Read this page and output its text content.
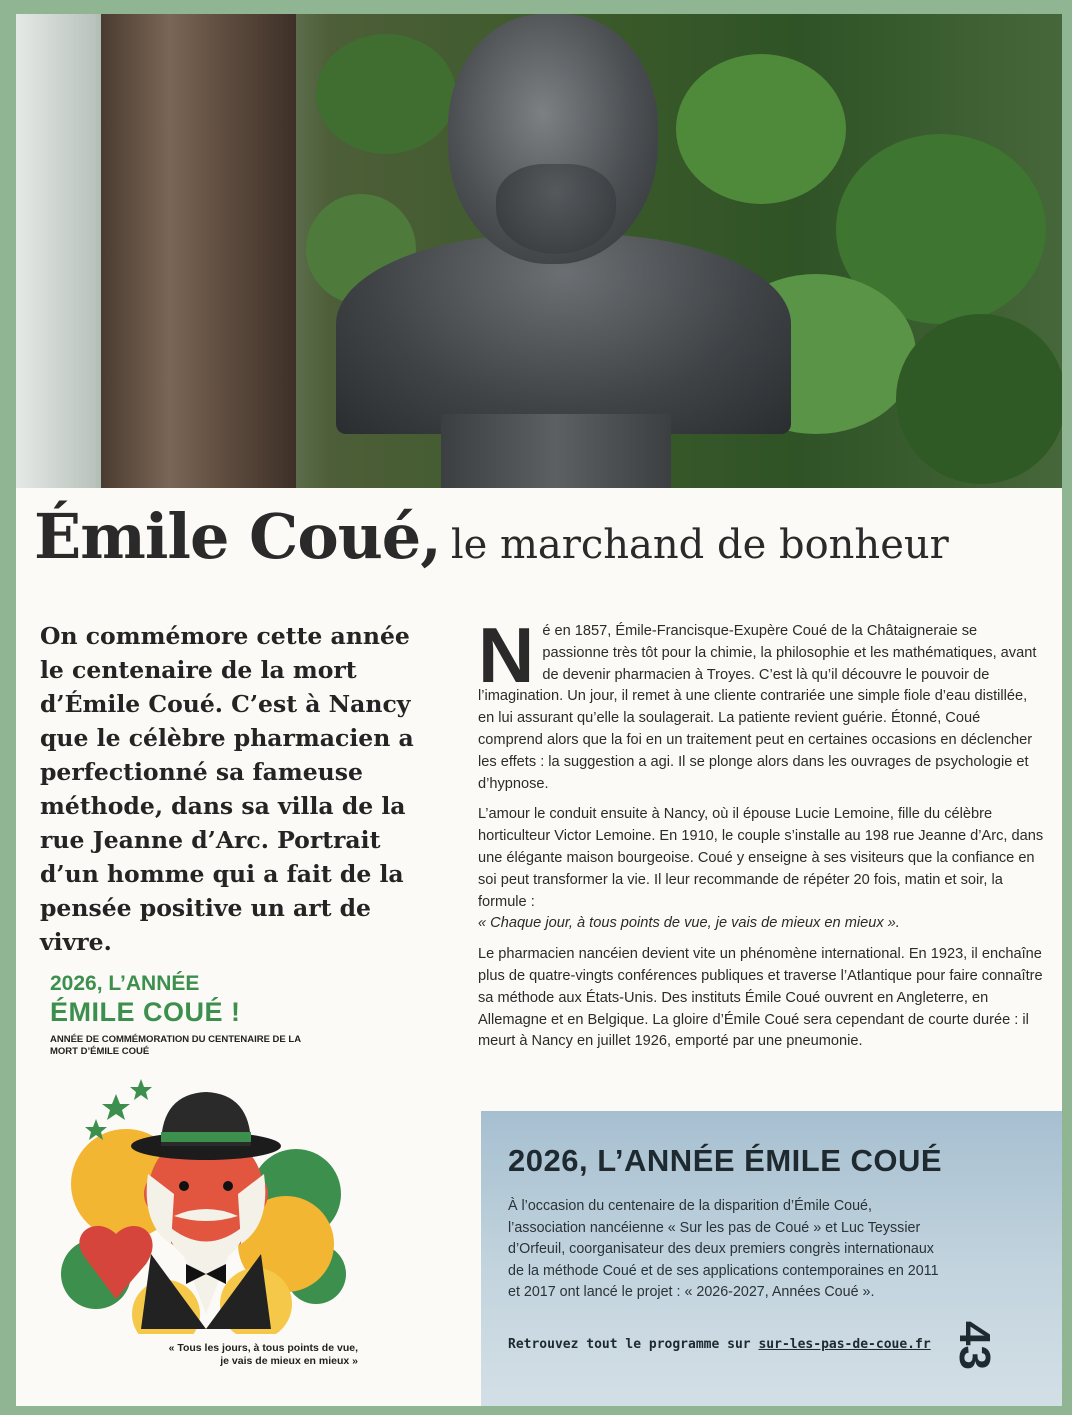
Émile Coué, le marchand de bonheur
On commémore cette année le centenaire de la mort d’Émile Coué. C’est à Nancy que le célèbre pharmacien a perfectionné sa fameuse méthode, dans sa villa de la rue Jeanne d’Arc. Portrait d’un homme qui a fait de la pensée positive un art de vivre.
2026, L’ANNÉE
ÉMILE COUÉ !
ANNÉE DE COMMÉMORATION DU CENTENAIRE DE LA MORT D’ÉMILE COUÉ
« Tous les jours, à tous points de vue,
je vais de mieux en mieux »

Né en 1857, Émile-Francisque-Exupère Coué de la Châtaigneraie se passionne très tôt pour la chimie, la philosophie et les mathématiques, avant de devenir pharmacien à Troyes. C’est là qu’il découvre le pouvoir de l’imagination. Un jour, il remet à une cliente contrariée une simple fiole d’eau distillée, en lui assurant qu’elle la soulagerait. La patiente revient guérie. Étonné, Coué comprend alors que la foi en un traitement peut en certaines occasions en déclencher les effets : la suggestion a agi. Il se plonge alors dans les ouvrages de psychologie et d’hypnose.

L’amour le conduit ensuite à Nancy, où il épouse Lucie Lemoine, fille du célèbre horticulteur Victor Lemoine. En 1910, le couple s’installe au 198 rue Jeanne d’Arc, dans une élégante maison bourgeoise. Coué y enseigne à ses visiteurs que la confiance en soi peut transformer la vie. Il leur recommande de répéter 20 fois, matin et soir, la formule :
« Chaque jour, à tous points de vue, je vais de mieux en mieux ».

Le pharmacien nancéien devient vite un phénomène international. En 1923, il enchaîne plus de quatre-vingts conférences publiques et traverse l’Atlantique pour faire connaître sa méthode aux États-Unis. Des instituts Émile Coué ouvrent en Angleterre, en Allemagne et en Belgique. La gloire d’Émile Coué sera cependant de courte durée : il meurt à Nancy en juillet 1926, emporté par une pneumonie.

2026, L’ANNÉE ÉMILE COUÉ
À l’occasion du centenaire de la disparition d’Émile Coué, l’association nancéienne « Sur les pas de Coué » et Luc Teyssier d’Orfeuil, coorganisateur des deux premiers congrès internationaux de la méthode Coué et de ses applications contemporaines en 2011 et 2017 ont lancé le projet : « 2026-2027, Années Coué ».
Retrouvez tout le programme sur sur-les-pas-de-coue.fr 43
